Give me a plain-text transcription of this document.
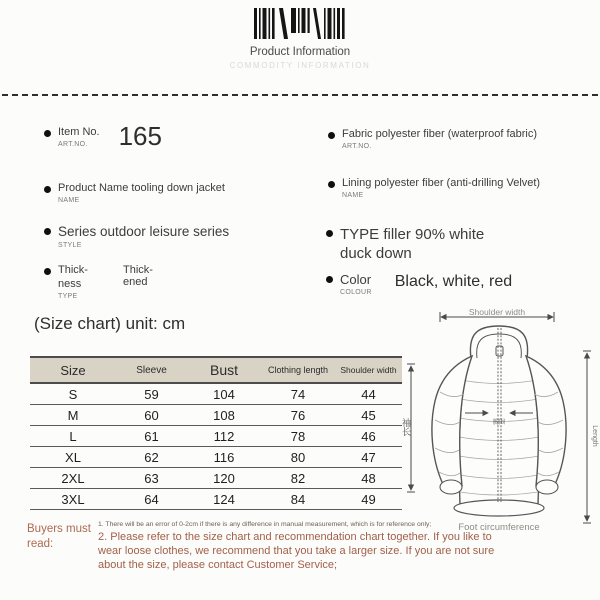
Product Information
COMMODITY INFORMATION
Item No.
ART.NO.	165
Product Name tooling down jacket
NAME
Series outdoor leisure series
STYLE
Thick-ness
TYPE
Thick-ened
Fabric polyester fiber (waterproof fabric)
ART.NO.
Lining polyester fiber (anti-drilling Velvet)
NAME
TYPE filler 90% white duck down
Color
COLOUR
Black, white, red
(Size chart) unit: cm
Size	Sleeve	Bust	Clothing length	Shoulder width
S	59	104	74	44
M	60	108	76	45
L	61	112	78	46
XL	62	116	80	47
2XL	63	120	82	48
3XL	64	124	84	49
Shoulder width
袖长	Length
胸围
Foot circumference
Buyers must read:

1. There will be an error of 0-2cm if there is any difference in manual measurement, which is for reference only;

2. Please refer to the size chart and recommendation chart together. If you like to wear loose clothes, we recommend that you take a larger size. If you are not sure about the size, please contact Customer Service;
